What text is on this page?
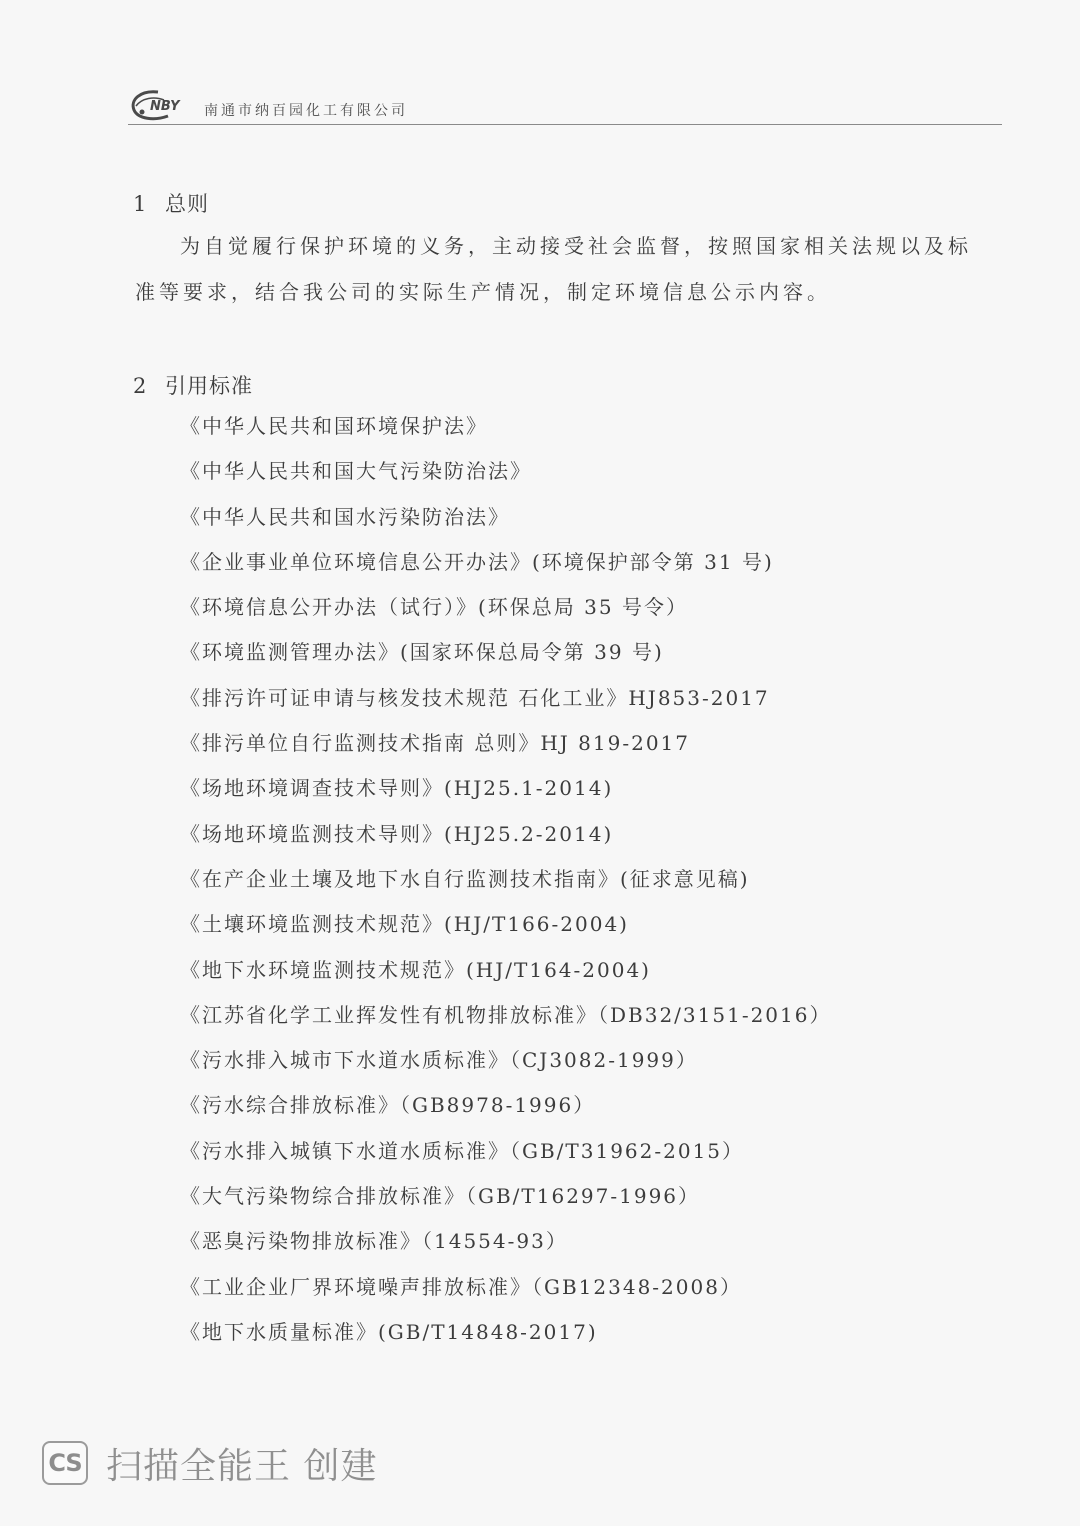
NBY 南通市纳百园化工有限公司
1 总则
为自觉履行保护环境的义务，主动接受社会监督，按照国家相关法规以及标
准等要求，结合我公司的实际生产情况，制定环境信息公示内容。
2 引用标准
《中华人民共和国环境保护法》
《中华人民共和国大气污染防治法》
《中华人民共和国水污染防治法》
《企业事业单位环境信息公开办法》(环境保护部令第 31 号)
《环境信息公开办法（试行）》(环保总局 35 号令）
《环境监测管理办法》(国家环保总局令第 39 号)
《排污许可证申请与核发技术规范 石化工业》HJ853-2017
《排污单位自行监测技术指南 总则》HJ 819-2017
《场地环境调查技术导则》(HJ25.1-2014)
《场地环境监测技术导则》(HJ25.2-2014)
《在产企业土壤及地下水自行监测技术指南》(征求意见稿)
《土壤环境监测技术规范》(HJ/T166-2004)
《地下水环境监测技术规范》(HJ/T164-2004)
《江苏省化学工业挥发性有机物排放标准》（DB32/3151-2016）
《污水排入城市下水道水质标准》（CJ3082-1999）
《污水综合排放标准》（GB8978-1996）
《污水排入城镇下水道水质标准》（GB/T31962-2015）
《大气污染物综合排放标准》（GB/T16297-1996）
《恶臭污染物排放标准》（14554-93）
《工业企业厂界环境噪声排放标准》（GB12348-2008）
《地下水质量标准》(GB/T14848-2017)
CS 扫描全能王 创建
